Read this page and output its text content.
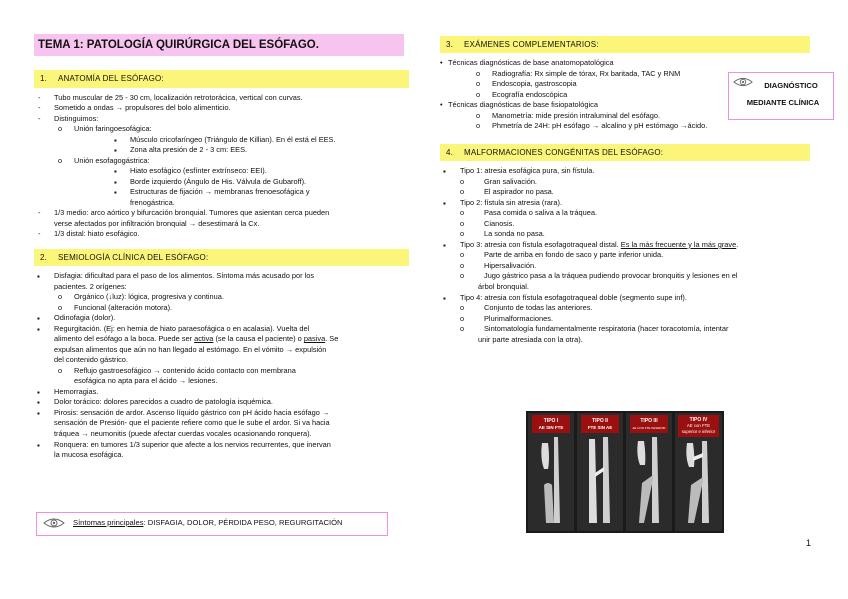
TEMA 1: PATOLOGÍA QUIRÚRGICA DEL ESÓFAGO.
1. ANATOMÍA DEL ESÓFAGO:
- Tubo muscular de 25 - 30 cm, localización retrotorácica, vertical con curvas.
- Sometido a ondas → propulsores del bolo alimenticio.
- Distinguimos:
o Unión faringoesofágica:
▪ Músculo cricofaríngeo (Triángulo de Killian). En él está el EES.
▪ Zona alta presión de 2 - 3 cm: EES.
o Unión esofagogástrica:
▪ Hiato esofágico (esfínter extrínseco: EEI).
▪ Borde izquierdo (Ángulo de His. Válvula de Gubaroff).
▪ Estructuras de fijación → membranas frenoesofágica y
frenogástrica.
- 1/3 medio: arco aórtico y bifurcación bronquial. Tumores que asientan cerca pueden
verse afectados por infiltración bronquial → desestimará la Cx.
- 1/3 distal: hiato esofágico.
2. SEMIOLOGÍA CLÍNICA DEL ESÓFAGO:
▪ Disfagia: dificultad para el paso de los alimentos. Síntoma más acusado por los
pacientes. 2 orígenes:
o Orgánico (↓luz): lógica, progresiva y continua.
o Funcional (alteración motora).
▪ Odinofagia (dolor).
▪ Regurgitación. (Ej: en hernia de hiato paraesofágica o en acalasia). Vuelta del
alimento del esófago a la boca. Puede ser activa (se la causa el paciente) o pasiva. Se
expulsan alimentos que aún no han llegado al estómago. En el vómito → expulsión
del contenido gástrico.
o Reflujo gastroesofágico → contenido ácido contacto con membrana
esofágica no apta para el ácido → lesiones.
▪ Hemorragias.
▪ Dolor torácico: dolores parecidos a cuadro de patología isquémica.
▪ Pirosis: sensación de ardor. Ascenso líquido gástrico con pH ácido hacia esófago →
sensación de Presión- que el paciente refiere como que le sube el ardor. Si va hacia
tráquea → neumonitis (puede afectar cuerdas vocales ocasionando ronquera).
▪ Ronquera: en tumores 1/3 superior que afecte a los nervios recurrentes, que inervan
la mucosa esofágica.
Síntomas principales: DISFAGIA, DOLOR, PÉRDIDA PESO, REGURGITACIÓN
3. EXÁMENES COMPLEMENTARIOS:
• Técnicas diagnósticas de base anatomopatológica
o Radiografía: Rx simple de tórax, Rx baritada, TAC y RNM
o Endoscopia, gastroscopia
o Ecografía endoscópica
• Técnicas diagnósticas de base fisiopatológica
o Manometría: mide presión intraluminal del esófago.
o Phmetría de 24H: pH esófago → alcalino y pH estómago →ácido.
4. MALFORMACIONES CONGÉNITAS DEL ESÓFAGO:
▪ Tipo 1: atresia esofágica pura, sin fístula.
o Gran salivación.
o El aspirador no pasa.
▪ Tipo 2: fístula sin atresia (rara).
o Pasa comida o saliva a la tráquea.
o Cianosis.
o La sonda no pasa.
▪ Tipo 3: atresia con fístula esofagotraqueal distal. Es la más frecuente y la más grave.
o Parte de arriba en fondo de saco y parte inferior unida.
o Hipersalivación.
o Jugo gástrico pasa a la tráquea pudiendo provocar bronquitis y lesiones en el
árbol bronquial.
▪ Tipo 4: atresia con fístula esofagotraqueal doble (segmento supe inf).
o Conjunto de todas las anteriores.
o Plurimalformaciones.
o Sintomatología fundamentalmente respiratoria (hacer toracotomía, intentar
unir parte atresiada con la otra).
DIAGNÓSTICO
MEDIANTE CLÍNICA
TIPO I
AE SIN FTE
TIPO II
FTE SIN AE
TIPO III
AE CON FTE INFERIOR
TIPO IV
AE con FTE
superior e inferior
1
